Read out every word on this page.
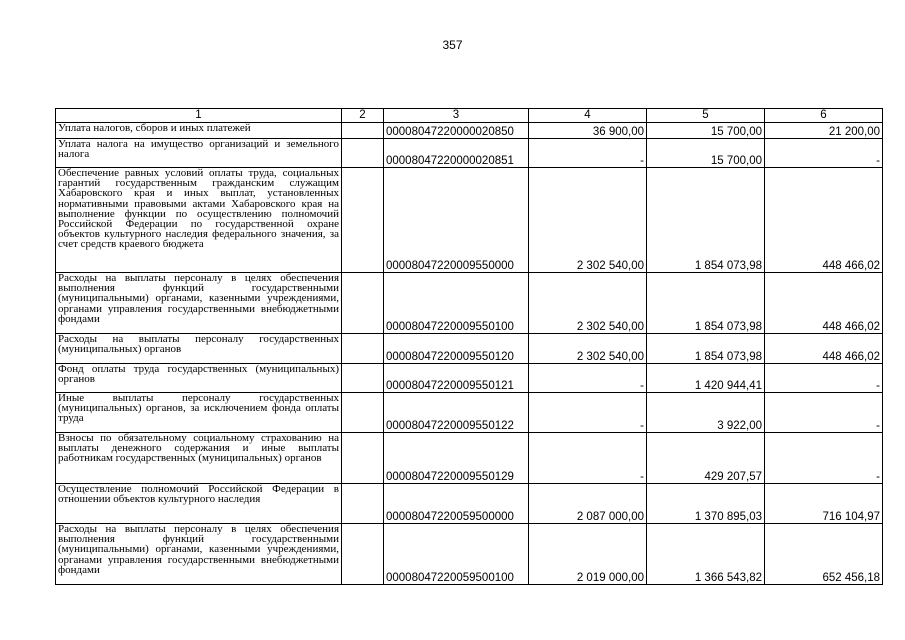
357
1	2	3	4	5	6
Уплата налогов, сборов и иных платежей		00008047220000020850	36 900,00	15 700,00	21 200,00
Уплата налога на имущество организаций и земельного налога		00008047220000020851	-	15 700,00	-
Обеспечение равных условий оплаты труда, социальных гарантий государственным гражданским служащим Хабаровского края и иных выплат, установленных нормативными правовыми актами Хабаровского края на выполнение функции по осуществлению полномочий Российской Федерации по государственной охране объектов культурного наследия федерального значения, за счет средств краевого бюджета		00008047220009550000	2 302 540,00	1 854 073,98	448 466,02
Расходы на выплаты персоналу в целях обеспечения выполнения функций государственными (муниципальными) органами, казенными учреждениями, органами управления государственными внебюджетными фондами		00008047220009550100	2 302 540,00	1 854 073,98	448 466,02
Расходы на выплаты персоналу государственных (муниципальных) органов		00008047220009550120	2 302 540,00	1 854 073,98	448 466,02
Фонд оплаты труда государственных (муниципальных) органов		00008047220009550121	-	1 420 944,41	-
Иные выплаты персоналу государственных (муниципальных) органов, за исключением фонда оплаты труда		00008047220009550122	-	3 922,00	-
Взносы по обязательному социальному страхованию на выплаты денежного содержания и иные выплаты работникам государственных (муниципальных) органов		00008047220009550129	-	429 207,57	-
Осуществление полномочий Российской Федерации в отношении объектов культурного наследия		00008047220059500000	2 087 000,00	1 370 895,03	716 104,97
Расходы на выплаты персоналу в целях обеспечения выполнения функций государственными (муниципальными) органами, казенными учреждениями, органами управления государственными внебюджетными фондами		00008047220059500100	2 019 000,00	1 366 543,82	652 456,18
